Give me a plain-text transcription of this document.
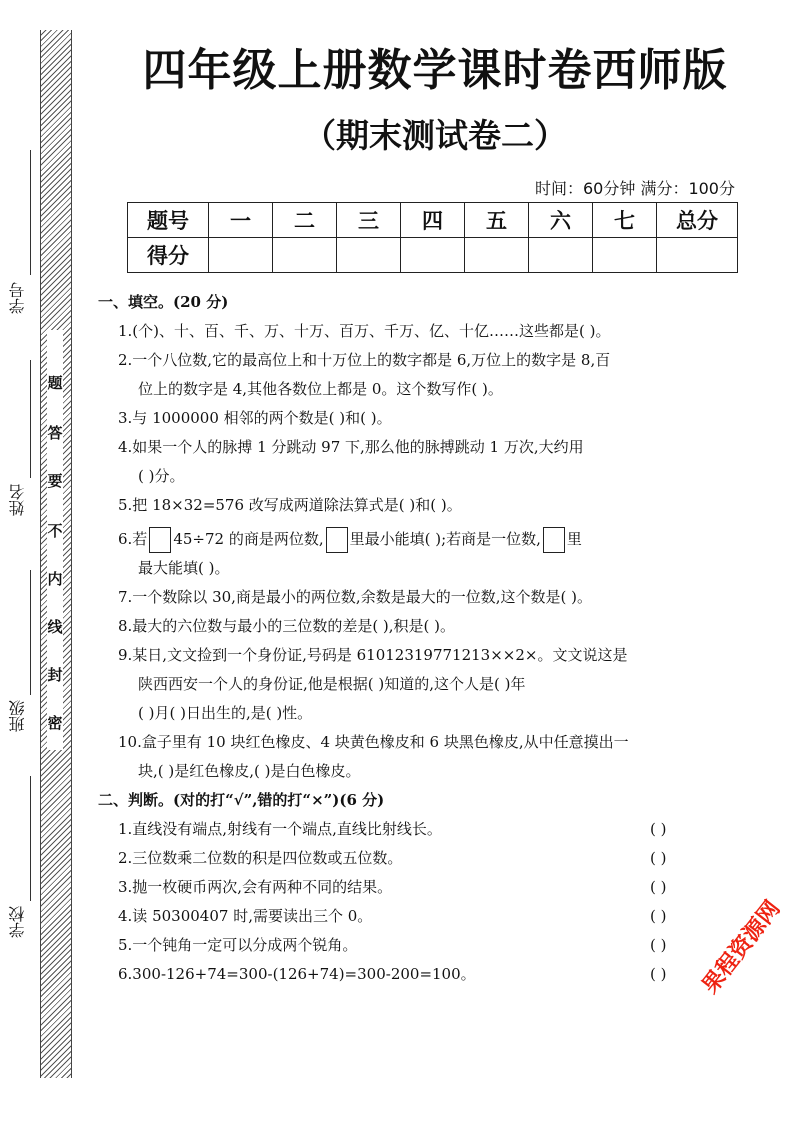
题
答
要
不
内
线
封
密
学号
姓名
班级
学校
四年级上册数学课时卷西师版
（期末测试卷二）
时间：60分钟 满分：100分
题号	一	二	三	四	五	六	七	总分
得分								

一、填空。(20 分)

1.(个)、十、百、千、万、十万、百万、千万、亿、十亿……这些都是( )。

2.一个八位数,它的最高位上和十万位上的数字都是 6,万位上的数字是 8,百

位上的数字是 4,其他各数位上都是 0。这个数写作( )。

3.与 1000000 相邻的两个数是( )和( )。

4.如果一个人的脉搏 1 分跳动 97 下,那么他的脉搏跳动 1 万次,大约用

( )分。

5.把 18×32=576 改写成两道除法算式是( )和( )。

6.若 45÷72 的商是两位数, 里最小能填( );若商是一位数, 里

最大能填( )。

7.一个数除以 30,商是最小的两位数,余数是最大的一位数,这个数是( )。

8.最大的六位数与最小的三位数的差是( ),积是( )。

9.某日,文文捡到一个身份证,号码是 61012319771213××2×。文文说这是

陕西西安一个人的身份证,他是根据( )知道的,这个人是( )年

( )月( )日出生的,是( )性。

10.盒子里有 10 块红色橡皮、4 块黄色橡皮和 6 块黑色橡皮,从中任意摸出一

块,( )是红色橡皮,( )是白色橡皮。

二、判断。(对的打“√”,错的打“×”)(6 分)

1.直线没有端点,射线有一个端点,直线比射线长。	( )

2.三位数乘二位数的积是四位数或五位数。	( )

3.抛一枚硬币两次,会有两种不同的结果。	( )

4.读 50300407 时,需要读出三个 0。	( )

5.一个钝角一定可以分成两个锐角。	( )

6.300-126+74=300-(126+74)=300-200=100。	( ) 果程资源网
